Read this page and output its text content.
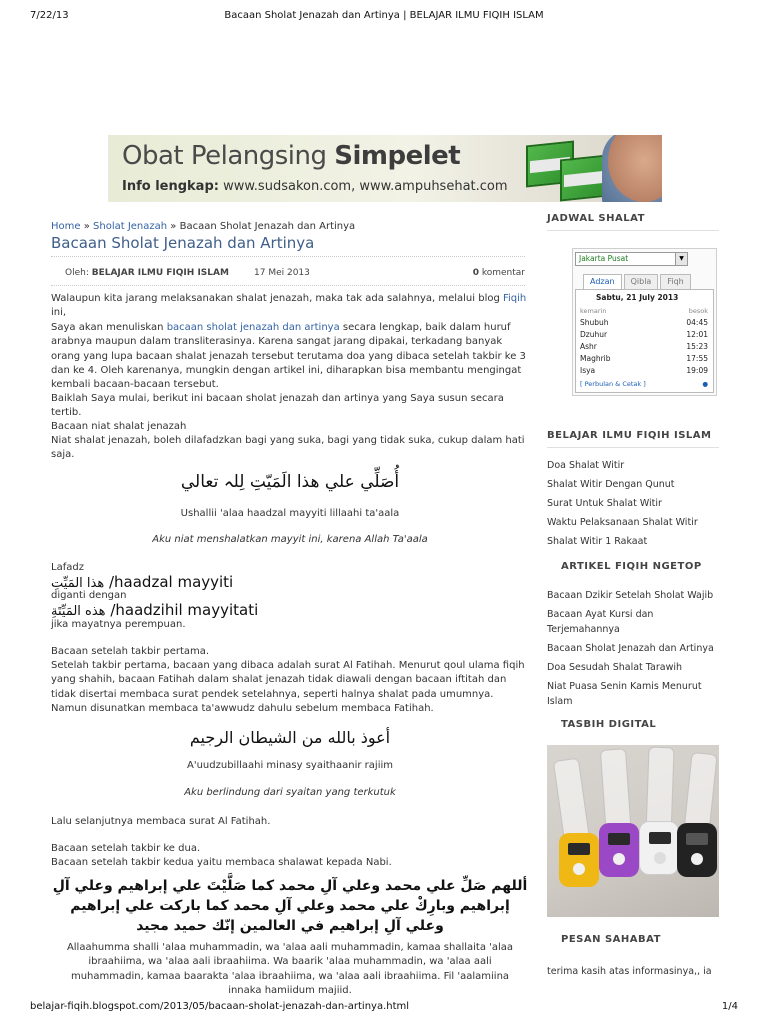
7/22/13	Bacaan Sholat Jenazah dan Artinya | BELAJAR ILMU FIQIH ISLAM
Obat Pelangsing Simpelet
Info lengkap: www.sudsakon.com, www.ampuhsehat.com
Home » Sholat Jenazah » Bacaan Sholat Jenazah dan Artinya
Bacaan Sholat Jenazah dan Artinya
Oleh: BELAJAR ILMU FIQIH ISLAM	17 Mei 2013	0 komentar
Walaupun kita jarang melaksanakan shalat jenazah, maka tak ada salahnya, melalui blog Fiqih ini,
Saya akan menuliskan bacaan sholat jenazah dan artinya secara lengkap, baik dalam huruf arabnya maupun dalam transliterasinya. Karena sangat jarang dipakai, terkadang banyak orang yang lupa bacaan shalat jenazah tersebut terutama doa yang dibaca setelah takbir ke 3 dan ke 4. Oleh karenanya, mungkin dengan artikel ini, diharapkan bisa membantu mengingat kembali bacaan-bacaan tersebut.
Baiklah Saya mulai, berikut ini bacaan sholat jenazah dan artinya yang Saya susun secara tertib.
Bacaan niat shalat jenazah
Niat shalat jenazah, boleh dilafadzkan bagi yang suka, bagi yang tidak suka, cukup dalam hati saja.
أُصَلِّي علي هذا الَمَيّتِ لِلہ تعالي
Ushallii 'alaa haadzal mayyiti lillaahi ta'aala
Aku niat menshalatkan mayyit ini, karena Allah Ta'aala
Lafadz
هذا المَيِّتِ /haadzal mayyiti
diganti dengan
هذه المَيِّتَةِ /haadzihil mayyitati
jika mayatnya perempuan.
Bacaan setelah takbir pertama.
Setelah takbir pertama, bacaan yang dibaca adalah surat Al Fatihah. Menurut qoul ulama fiqih yang shahih, bacaan Fatihah dalam shalat jenazah tidak diawali dengan bacaan iftitah dan tidak disertai membaca surat pendek setelahnya, seperti halnya shalat pada umumnya. Namun disunatkan membaca ta'awwudz dahulu sebelum membaca Fatihah.
أعوذ بالله من الشيطان الرجيم
A'uudzubillaahi minasy syaithaanir rajiim
Aku berlindung dari syaitan yang terkutuk
Lalu selanjutnya membaca surat Al Fatihah.
Bacaan setelah takbir ke dua.
Bacaan setelah takbir kedua yaitu membaca shalawat kepada Nabi.
أللهم صَلِّ علي محمد وعلي آلِ محمد كما صَلَّيْتَ علي إبراهيم وعلي آلِ إبراهيم وبارِكْ علي محمد وعلي آلِ محمد كما باركت علي إبراهيم وعلي آلِ إبراهيم في العالمين إنّك حميد مجيد
Allaahumma shalli 'alaa muhammadin, wa 'alaa aali muhammadin, kamaa shallaita 'alaa ibraahiima, wa 'alaa aali ibraahiima. Wa baarik 'alaa muhammadin, wa 'alaa aali muhammadin, kamaa baarakta 'alaa ibraahiima, wa 'alaa aali ibraahiima. Fil 'aalamiina innaka hamiidum majiid.
JADWAL SHALAT
Jakarta Pusat	▼
Adzan Qibla Fiqh
Sabtu, 21 July 2013
kemarin	besok
Shubuh	04:45
Dzuhur	12:01
Ashr	15:23
Maghrib	17:55
Isya	19:09
[ Perbulan & Cetak ]	●
BELAJAR ILMU FIQIH ISLAM
Doa Shalat Witir
Shalat Witir Dengan Qunut
Surat Untuk Shalat Witir
Waktu Pelaksanaan Shalat Witir
Shalat Witir 1 Rakaat
ARTIKEL FIQIH NGETOP
Bacaan Dzikir Setelah Sholat Wajib
Bacaan Ayat Kursi dan Terjemahannya
Bacaan Sholat Jenazah dan Artinya
Doa Sesudah Shalat Tarawih
Niat Puasa Senin Kamis Menurut Islam
TASBIH DIGITAL
PESAN SAHABAT
terima kasih atas informasinya,, ia
belajar-fiqih.blogspot.com/2013/05/bacaan-sholat-jenazah-dan-artinya.html	1/4
